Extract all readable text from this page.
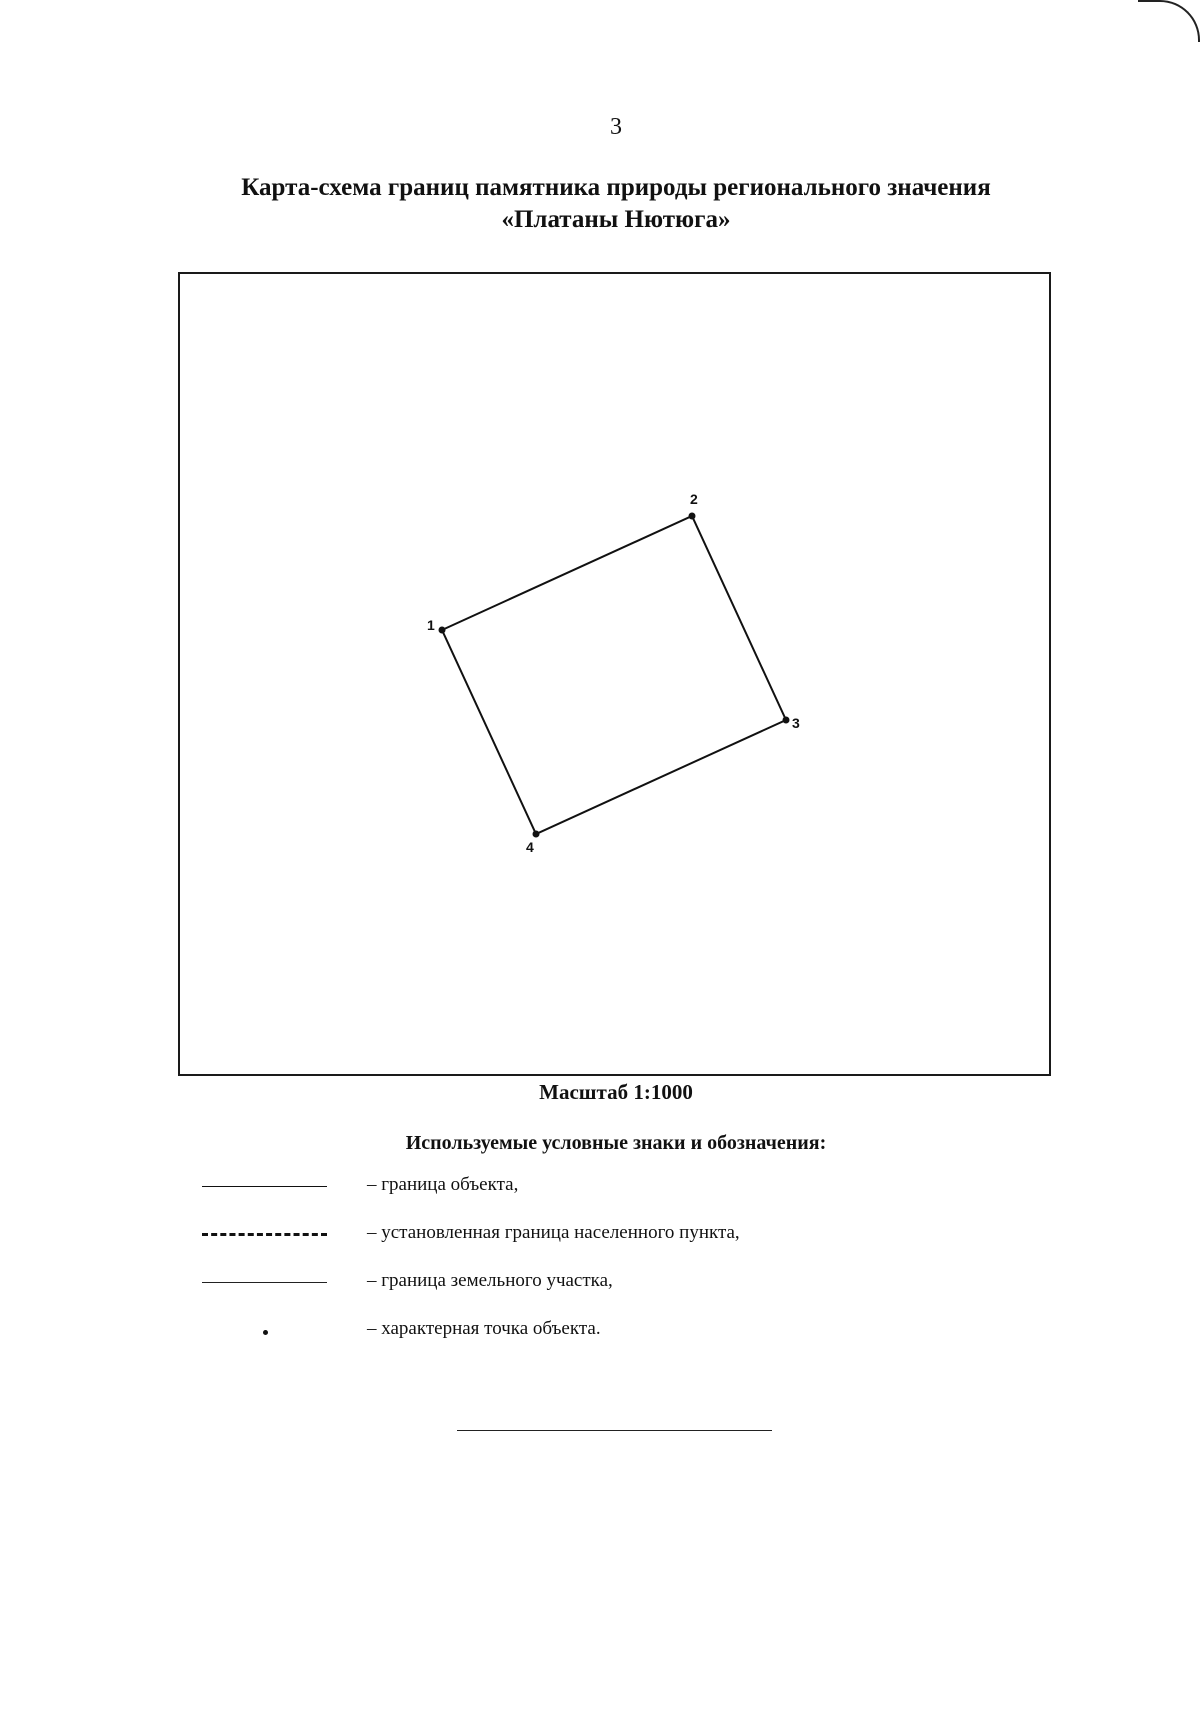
3
Карта-схема границ памятника природы регионального значения
«Платаны Нютюга»
1
2
3
4
Масштаб 1:1000
Используемые условные знаки и обозначения:
– граница объекта,
– установленная граница населенного пункта,
– граница земельного участка,
– характерная точка объекта.
